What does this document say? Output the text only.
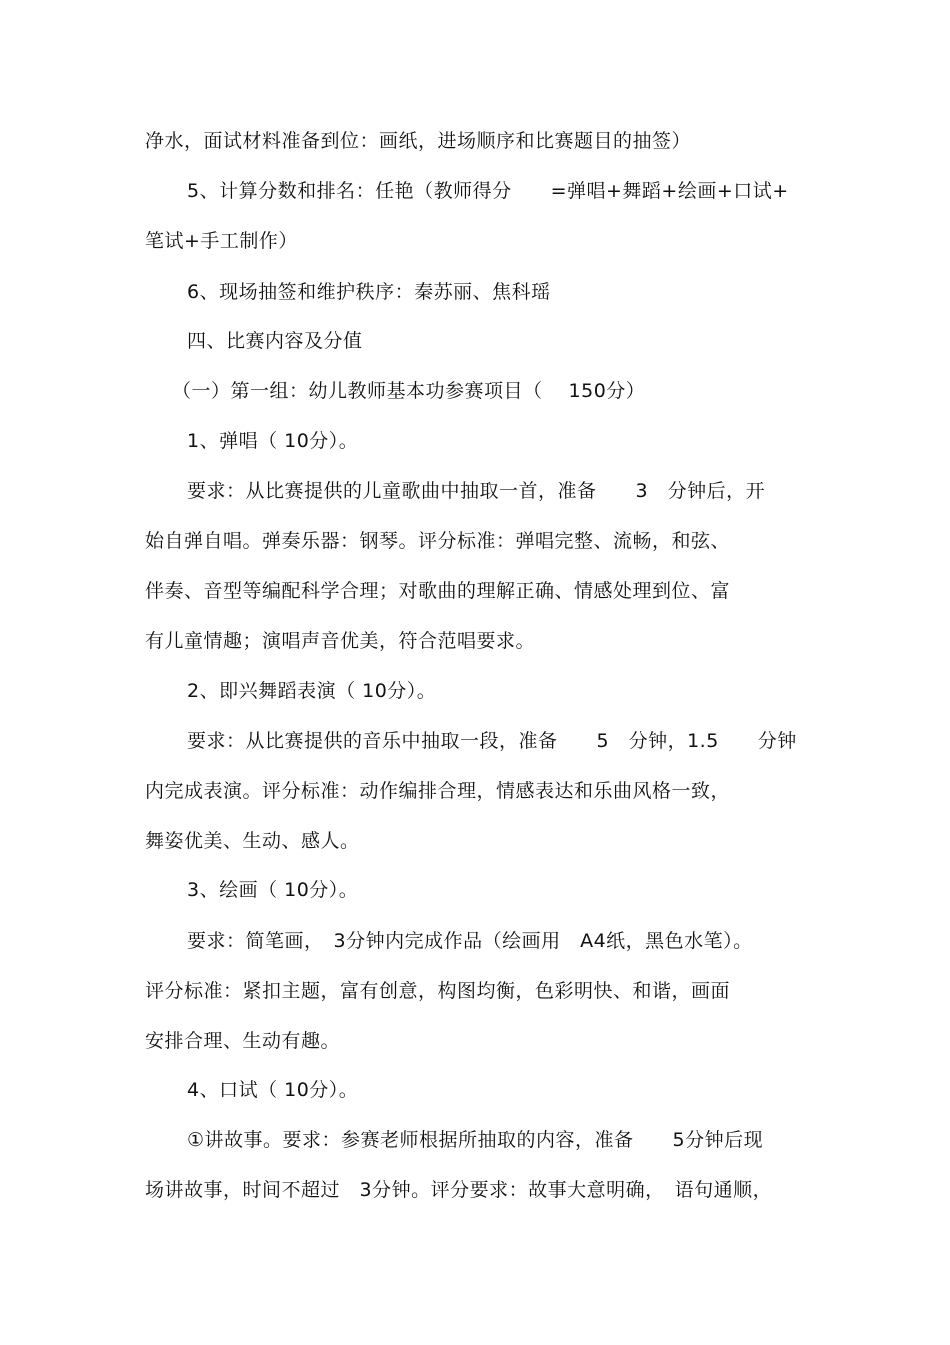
净水，面试材料准备到位：画纸，进场顺序和比赛题目的抽签）
5、计算分数和排名：任艳（教师得分　　=弹唱+舞蹈+绘画+口试+
笔试+手工制作）
6、现场抽签和维护秩序：秦苏丽、焦科瑶
四、比赛内容及分值
（一）第一组：幼儿教师基本功参赛项目（　 150分）
1、弹唱（ 10分）。
要求：从比赛提供的儿童歌曲中抽取一首，准备　　3　分钟后，开
始自弹自唱。弹奏乐器：钢琴。评分标准：弹唱完整、流畅，和弦、
伴奏、音型等编配科学合理；对歌曲的理解正确、情感处理到位、富
有儿童情趣；演唱声音优美，符合范唱要求。
2、即兴舞蹈表演（ 10分）。
要求：从比赛提供的音乐中抽取一段，准备　　5　分钟，1.5　　分钟
内完成表演。评分标准：动作编排合理，情感表达和乐曲风格一致，
舞姿优美、生动、感人。
3、绘画（ 10分）。
要求：简笔画，　3分钟内完成作品（绘画用　A4纸，黑色水笔）。
评分标准：紧扣主题，富有创意，构图均衡，色彩明快、和谐，画面
安排合理、生动有趣。
4、口试（ 10分）。
①讲故事。要求：参赛老师根据所抽取的内容，准备　　5分钟后现
场讲故事，时间不超过　3分钟。评分要求：故事大意明确，　语句通顺，
